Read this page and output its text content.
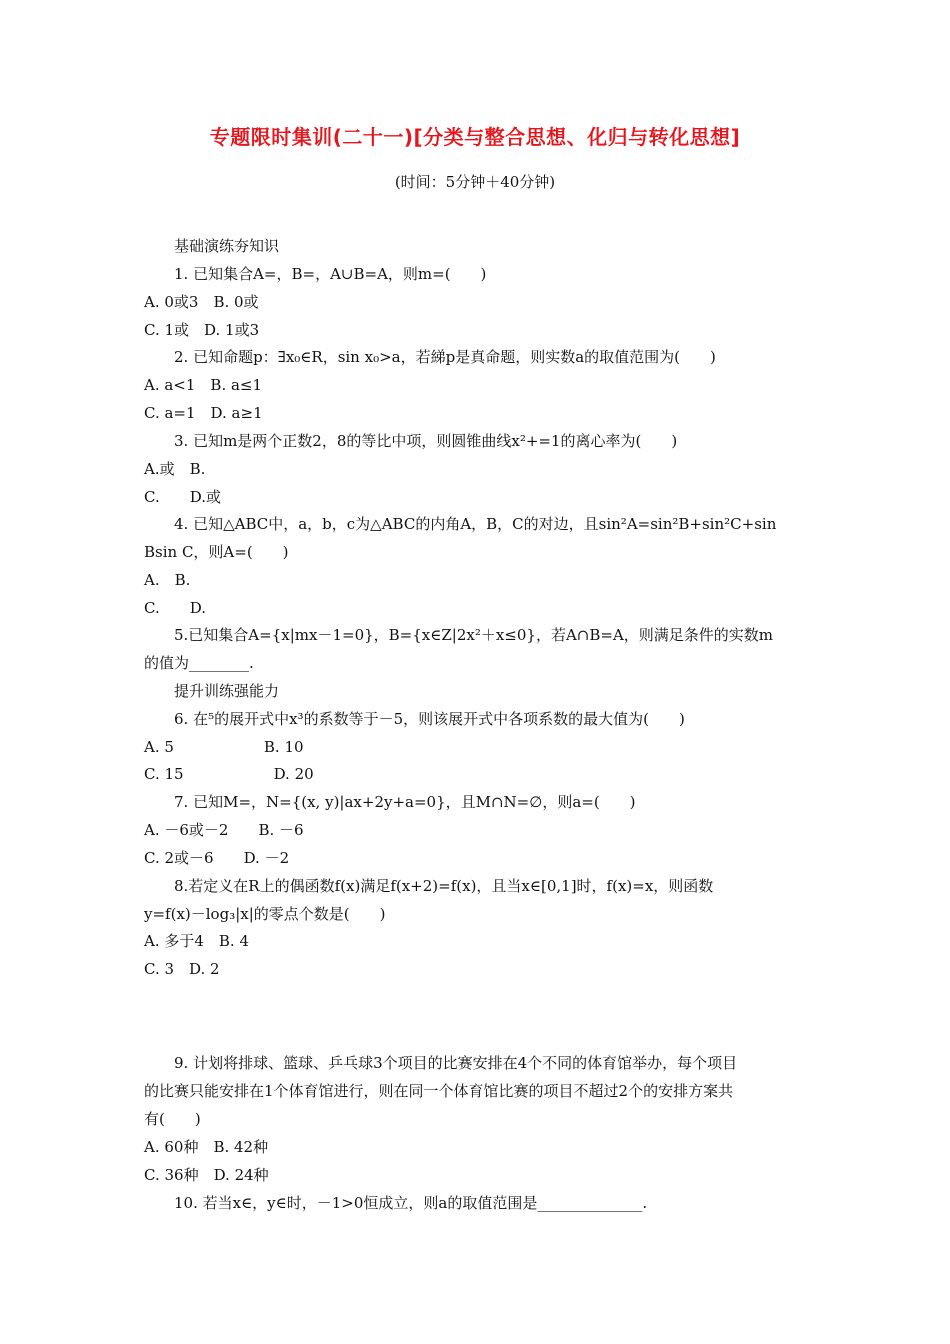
专题限时集训(二十一)[分类与整合思想、化归与转化思想]
(时间：5分钟＋40分钟)
基础演练夯知识
1. 已知集合A=，B=，A∪B=A，则m=(　　)
A. 0或3　B. 0或
C. 1或　D. 1或3
2. 已知命题p：∃x₀∈R，sin x₀>a，若綈p是真命题，则实数a的取值范围为(　　)
A. a<1　B. a≤1
C. a=1　D. a≥1
3. 已知m是两个正数2，8的等比中项，则圆锥曲线x²+=1的离心率为(　　)
A.或　B.
C.　　D.或
4. 已知△ABC中，a，b，c为△ABC的内角A，B，C的对边，且sin²A=sin²B+sin²C+sin
Bsin C，则A=(　　)
A.　B.
C.　　D.
5.已知集合A={x|mx－1=0}，B={x∈Z|2x²＋x≤0}，若A∩B=A，则满足条件的实数m
的值为________.
提升训练强能力
6. 在⁵的展开式中x³的系数等于－5，则该展开式中各项系数的最大值为(　　)
A. 5　　　　　　B. 10
C. 15　　　　　　D. 20
7. 已知M=，N={(x, y)|ax+2y+a=0}，且M∩N=∅，则a=(　　)
A. －6或－2　　B. －6
C. 2或－6　　D. －2
8.若定义在R上的偶函数f(x)满足f(x+2)=f(x)，且当x∈[0,1]时，f(x)=x，则函数
y=f(x)－log₃|x|的零点个数是(　　)
A. 多于4　B. 4
C. 3　D. 2
9. 计划将排球、篮球、乒乓球3个项目的比赛安排在4个不同的体育馆举办，每个项目
的比赛只能安排在1个体育馆进行，则在同一个体育馆比赛的项目不超过2个的安排方案共
有(　　)
A. 60种　B. 42种
C. 36种　D. 24种
10. 若当x∈，y∈时，－1>0恒成立，则a的取值范围是______________.
